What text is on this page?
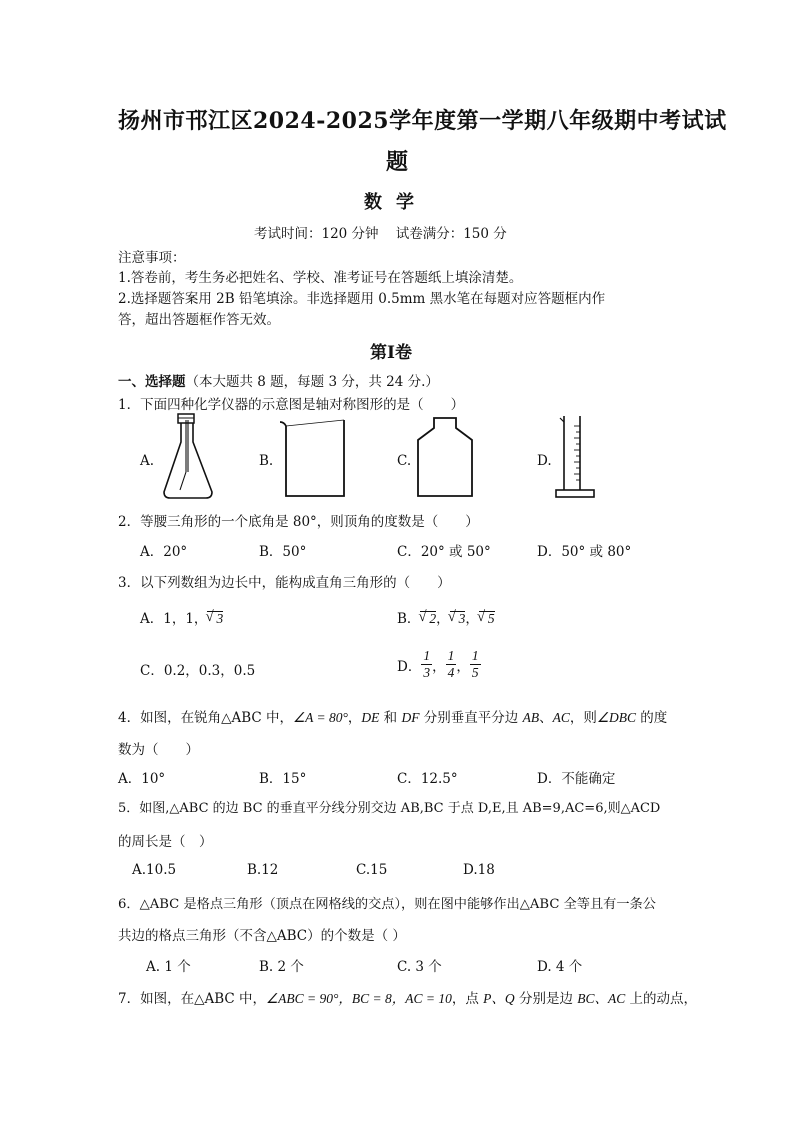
扬州市邗江区2024-2025学年度第一学期八年级期中考试试
题
数学
考试时间：120 分钟    试卷满分：150 分
注意事项：
1.答卷前，考生务必把姓名、学校、准考证号在答题纸上填涂清楚。
2.选择题答案用 2B 铅笔填涂。非选择题用 0.5mm 黑水笔在每题对应答题框内作
答，超出答题框作答无效。
第Ⅰ卷
一、选择题（本大题共 8 题，每题 3 分，共 24 分.）
1．下面四种化学仪器的示意图是轴对称图形的是（　　）
A.	B.	C.	D.
2．等腰三角形的一个底角是 80°，则顶角的度数是（　　）
A．20°	B．50°	C．20° 或 50°	D．50° 或 80°
3．以下列数组为边长中，能构成直角三角形的（　　）
A．1，1， √ 3	B． √ 2， √ 3， √ 5
C．0.2，0.3，0.5	D． $\frac{1}{3}$ ， $\frac{1}{4}$ ， $\frac{1}{5}$
4．如图，在锐角△ABC 中，∠A = 80°，DE 和 DF 分别垂直平分边 AB、AC，则∠DBC 的度
数为（　　）
A．10°	B．15°	C．12.5°	D．不能确定
5．如图,△ABC 的边 BC 的垂直平分线分别交边 AB,BC 于点 D,E,且 AB=9,AC=6,则△ACD
的周长是（　）
A.10.5	B.12	C.15	D.18
6．△ABC 是格点三角形（顶点在网格线的交点），则在图中能够作出△ABC 全等且有一条公
共边的格点三角形（不含△ABC）的个数是（ ）
A. 1 个	B. 2 个	C. 3 个	D. 4 个
7．如图，在△ABC 中，∠ABC = 90°，BC = 8，AC = 10，点 P、Q 分别是边 BC、AC 上的动点，
